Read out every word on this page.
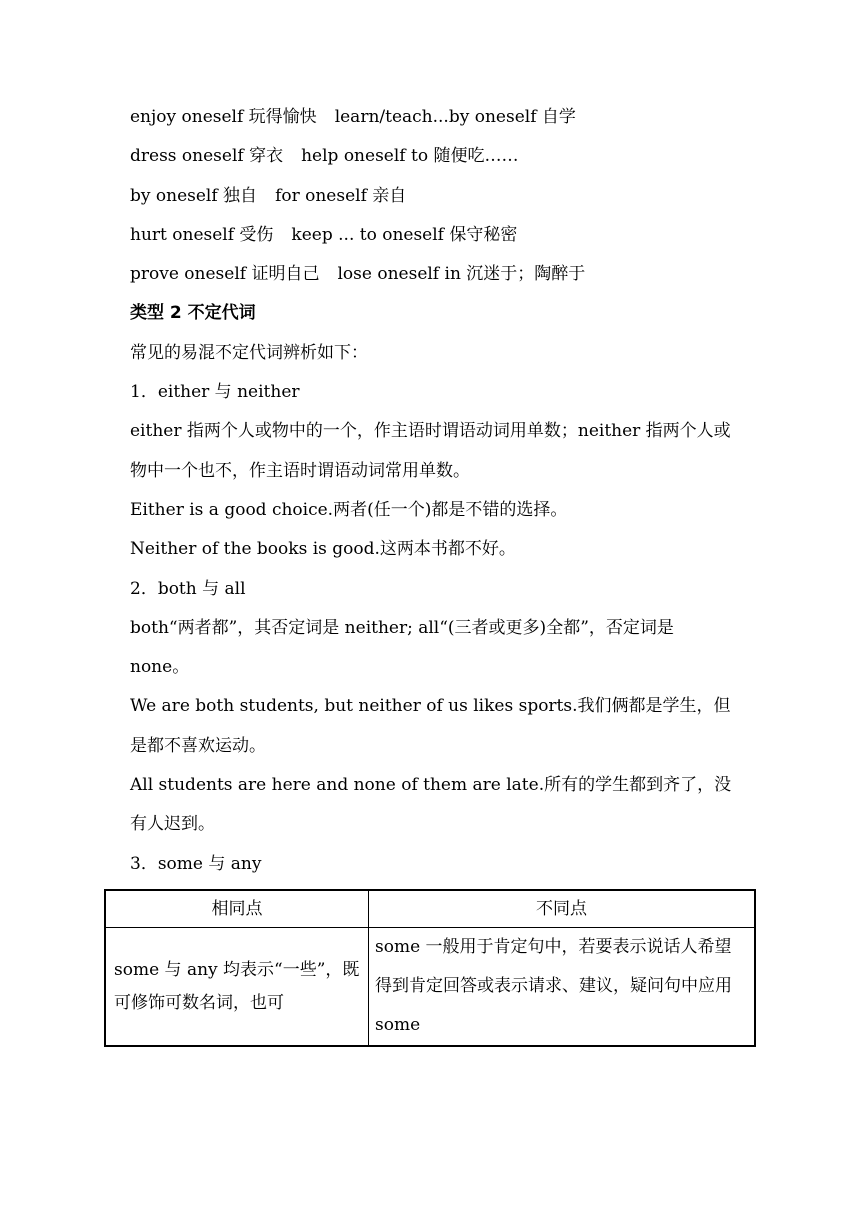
enjoy oneself 玩得愉快 learn/teach...by oneself 自学
dress oneself 穿衣 help oneself to 随便吃……
by oneself 独自 for oneself 亲自
hurt oneself 受伤 keep ... to oneself 保守秘密
prove oneself 证明自己 lose oneself in 沉迷于；陶醉于
类型 2 不定代词
常见的易混不定代词辨析如下：
1．either 与 neither
either 指两个人或物中的一个，作主语时谓语动词用单数；neither 指两个人或物中一个也不，作主语时谓语动词常用单数。
Either is a good choice.两者(任一个)都是不错的选择。
Neither of the books is good.这两本书都不好。
2．both 与 all
both“两者都”，其否定词是 neither; all“(三者或更多)全都”，否定词是 none。
We are both students, but neither of us likes sports.我们俩都是学生，但是都不喜欢运动。
All students are here and none of them are late.所有的学生都到齐了，没有人迟到。
3．some 与 any
相同点	不同点
some 与 any 均表示“一些”，既可修饰可数名词，也可	some 一般用于肯定句中，若要表示说话人希望得到肯定回答或表示请求、建议，疑问句中应用 some
